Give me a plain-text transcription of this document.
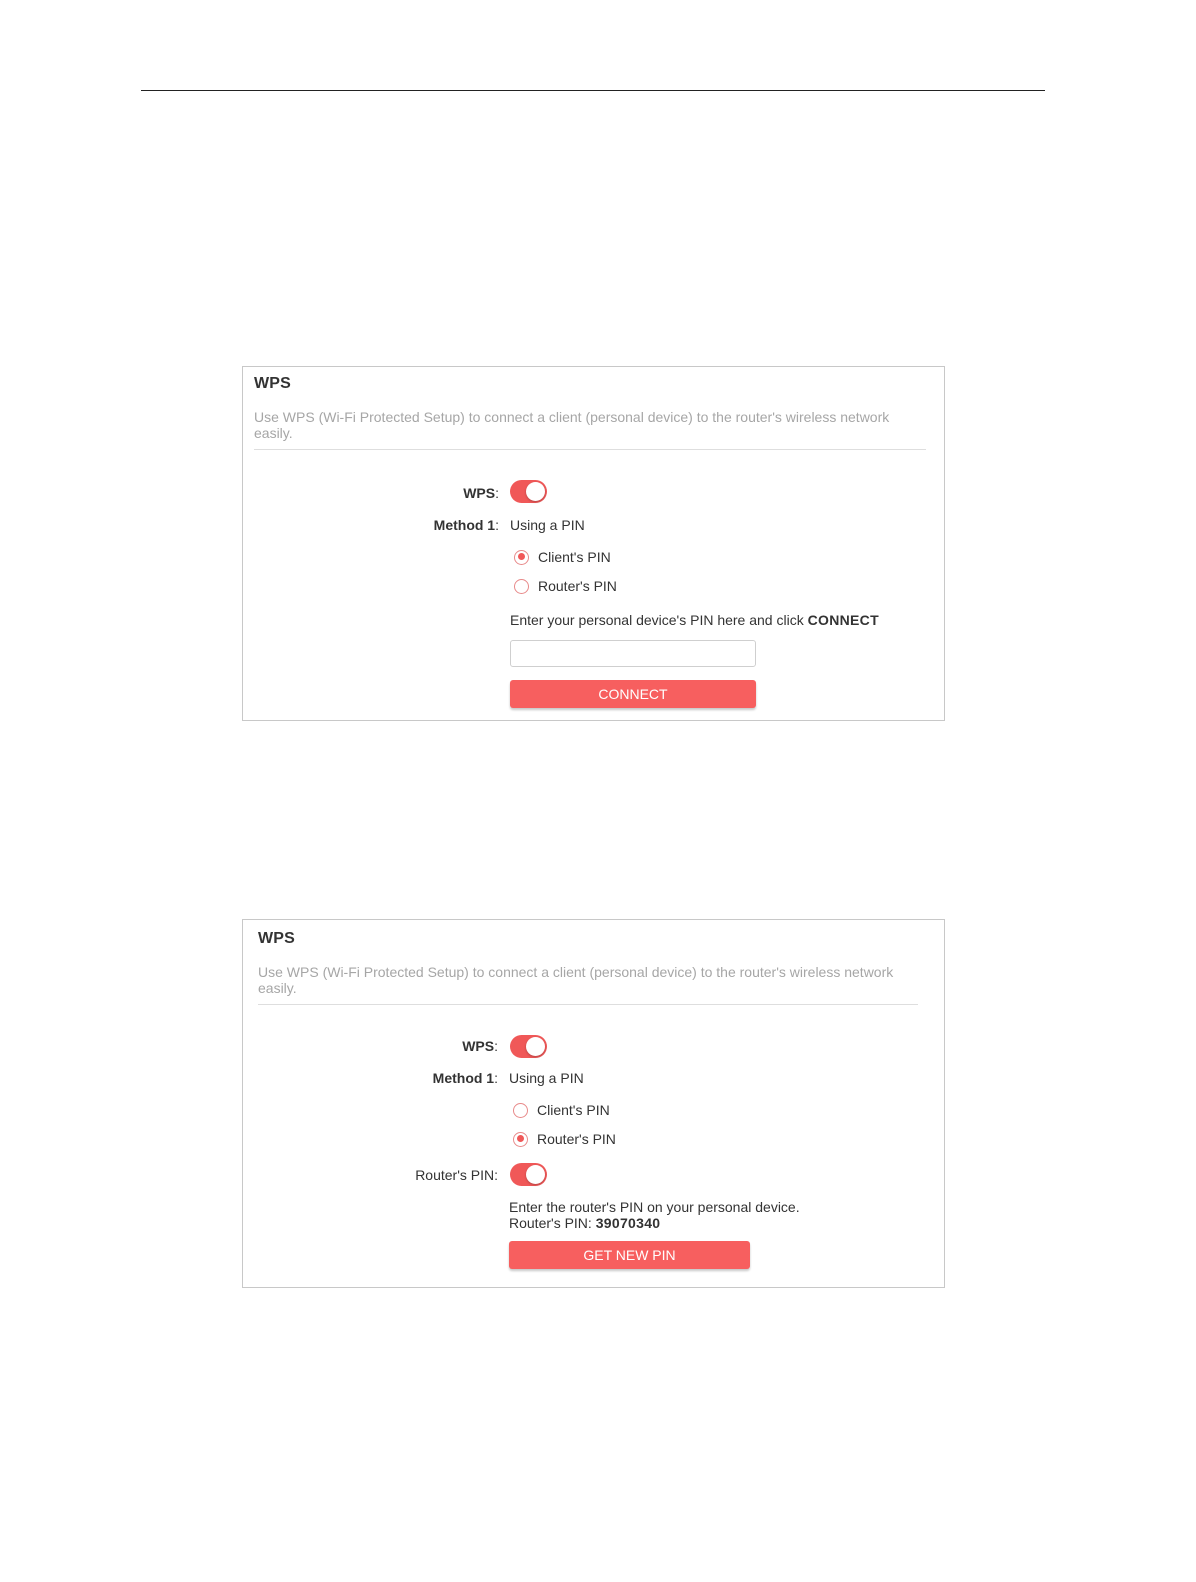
WPS
Use WPS (Wi-Fi Protected Setup) to connect a client (personal device) to the router's wireless network easily.
WPS:
Method 1: Using a PIN
Client's PIN
Router's PIN
Enter your personal device's PIN here and click CONNECT
CONNECT
WPS
Use WPS (Wi-Fi Protected Setup) to connect a client (personal device) to the router's wireless network easily.
WPS:
Method 1: Using a PIN
Client's PIN
Router's PIN
Router's PIN:
Enter the router's PIN on your personal device.
Router's PIN: 39070340
GET NEW PIN
